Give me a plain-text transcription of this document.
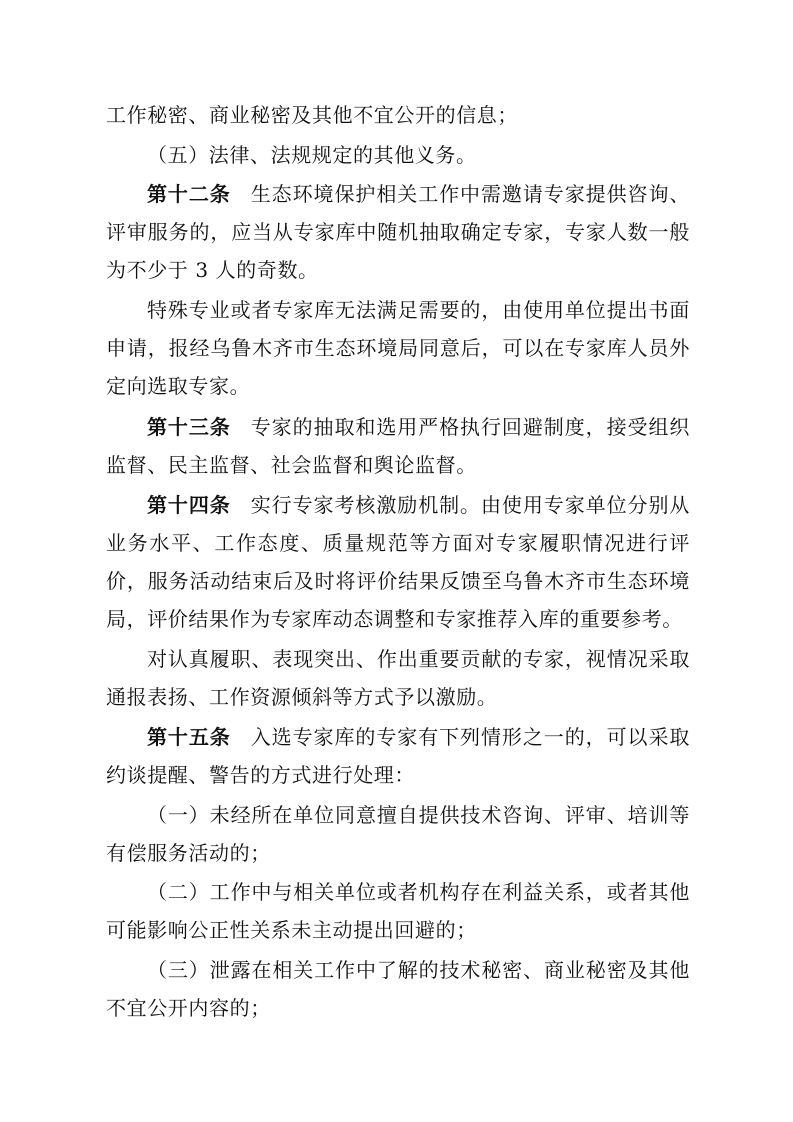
工作秘密、商业秘密及其他不宜公开的信息；

（五）法律、法规规定的其他义务。

第十二条 生态环境保护相关工作中需邀请专家提供咨询、评审服务的，应当从专家库中随机抽取确定专家，专家人数一般为不少于 3 人的奇数。

特殊专业或者专家库无法满足需要的，由使用单位提出书面申请，报经乌鲁木齐市生态环境局同意后，可以在专家库人员外定向选取专家。

第十三条 专家的抽取和选用严格执行回避制度，接受组织监督、民主监督、社会监督和舆论监督。

第十四条 实行专家考核激励机制。由使用专家单位分别从业务水平、工作态度、质量规范等方面对专家履职情况进行评价，服务活动结束后及时将评价结果反馈至乌鲁木齐市生态环境局，评价结果作为专家库动态调整和专家推荐入库的重要参考。

对认真履职、表现突出、作出重要贡献的专家，视情况采取通报表扬、工作资源倾斜等方式予以激励。

第十五条 入选专家库的专家有下列情形之一的，可以采取约谈提醒、警告的方式进行处理：

（一）未经所在单位同意擅自提供技术咨询、评审、培训等有偿服务活动的；

（二）工作中与相关单位或者机构存在利益关系，或者其他可能影响公正性关系未主动提出回避的；

（三）泄露在相关工作中了解的技术秘密、商业秘密及其他不宜公开内容的；
